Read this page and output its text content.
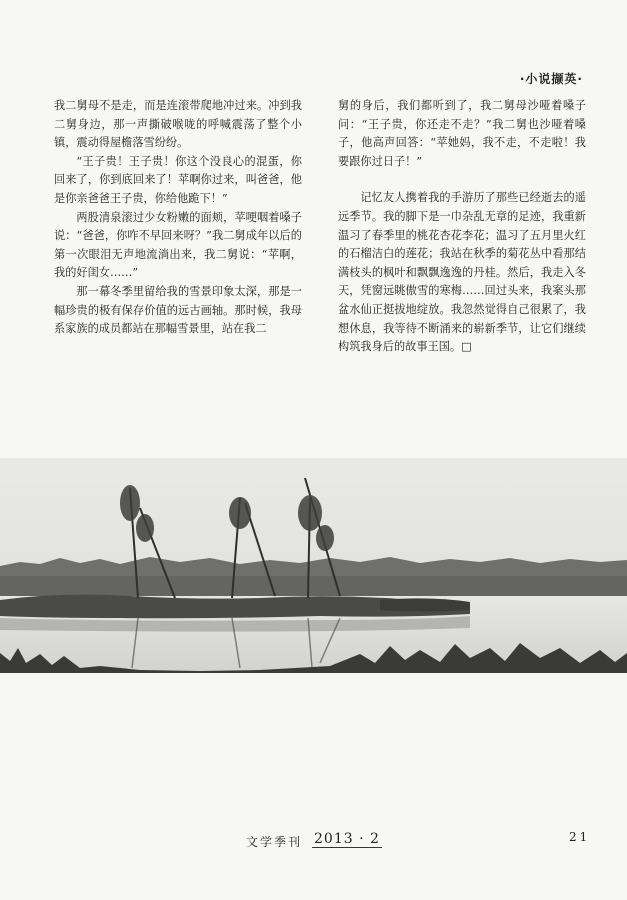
·小说撷英·

我二舅母不是走，而是连滚带爬地冲过来。冲到我二舅身边，那一声撕破喉咙的呼喊震荡了整个小镇，震动得屋檐落雪纷纷。

“王子贵！王子贵！你这个没良心的混蛋，你回来了，你到底回来了！苹啊你过来，叫爸爸，他是你亲爸爸王子贵，你给他跪下！”

两股清泉滚过少女粉嫩的面颊，苹哽咽着嗓子说：“爸爸，你咋不早回来呀？”我二舅成年以后的第一次眼泪无声地流淌出来，我二舅说：“苹啊，我的好闺女……”

那一幕冬季里留给我的雪景印象太深，那是一幅珍贵的极有保存价值的远古画轴。那时候，我母系家族的成员都站在那幅雪景里，站在我二

舅的身后，我们都听到了，我二舅母沙哑着嗓子问：“王子贵，你还走不走？”我二舅也沙哑着嗓子，他高声回答：“苹她妈，我不走，不走啦！我要跟你过日子！”

记忆友人携着我的手游历了那些已经逝去的遥远季节。我的脚下是一巾杂乱无章的足迹，我重新温习了春季里的桃花杏花李花；温习了五月里火红的石榴洁白的莲花；我站在秋季的菊花丛中看那结满枝头的枫叶和飘飘逸逸的丹桂。然后，我走入冬天，凭窗远眺傲雪的寒梅……回过头来，我案头那盆水仙正挺拔地绽放。我忽然觉得自己很累了，我想休息，我等待不断涌来的崭新季节，让它们继续构筑我身后的故事王国。□

文学季刊 2013 · 2	21
